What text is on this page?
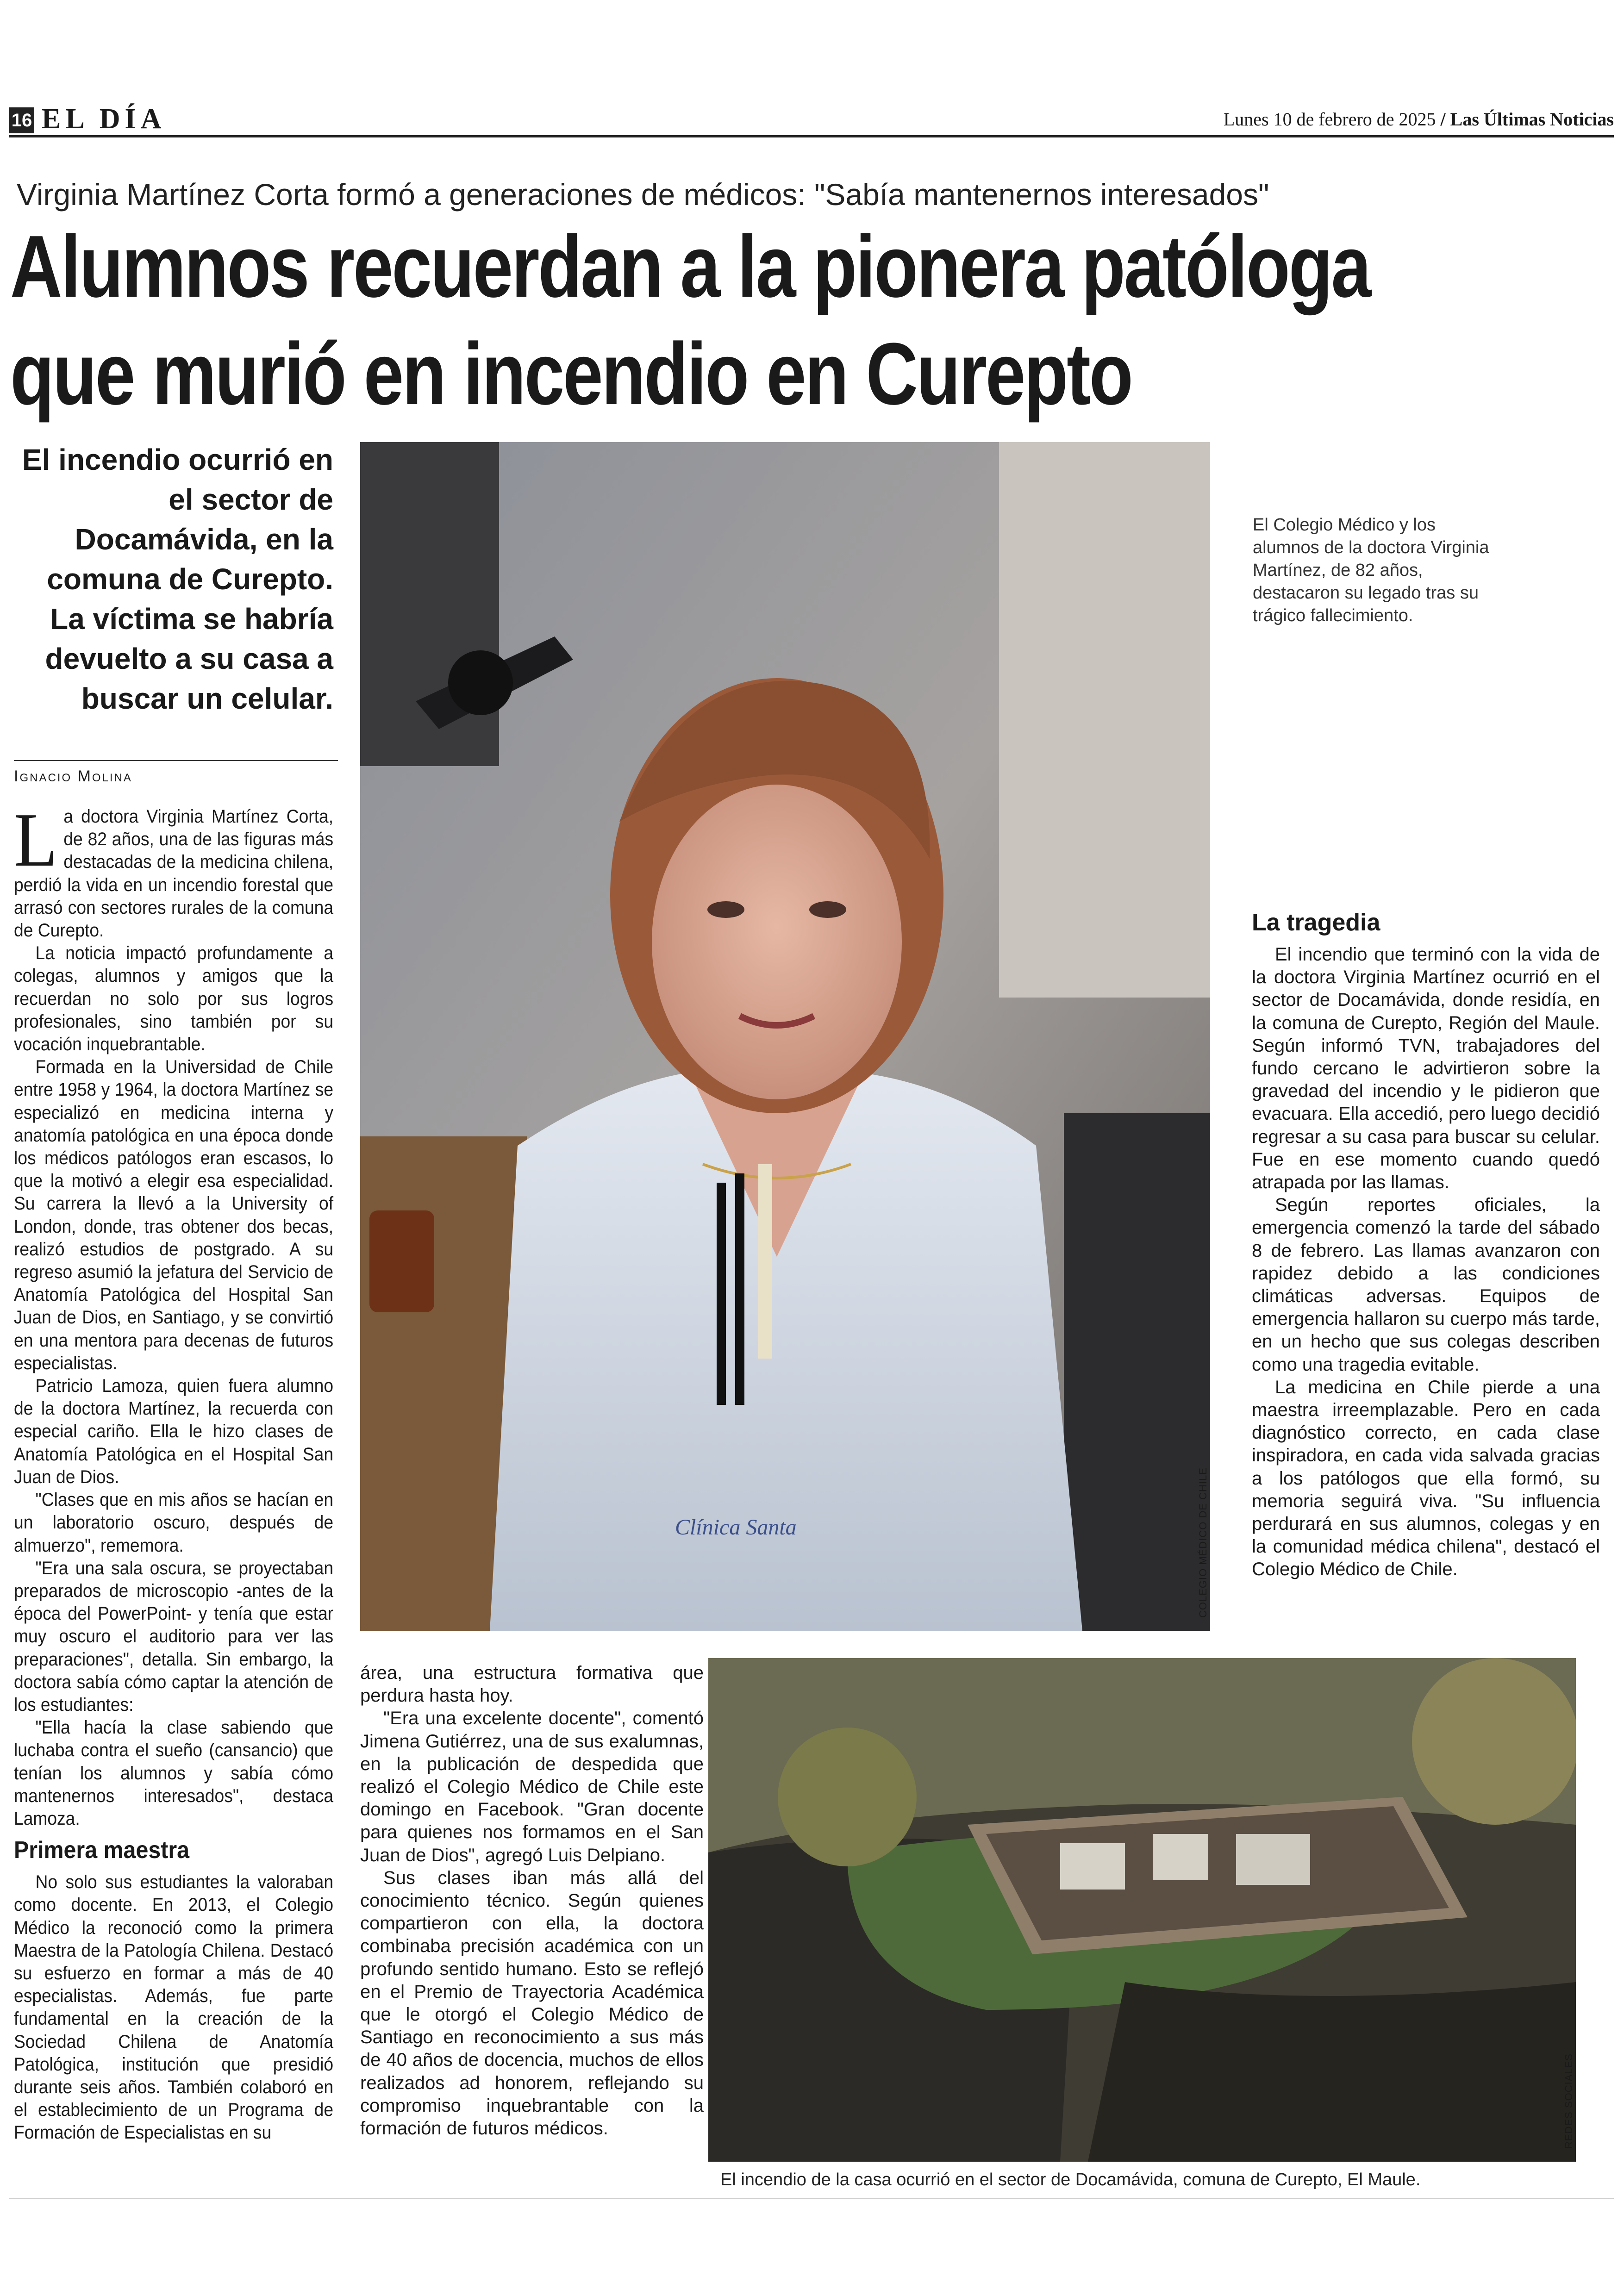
16 EL DÍA	Lunes 10 de febrero de 2025 / Las Últimas Noticias
Virginia Martínez Corta formó a generaciones de médicos: "Sabía mantenernos interesados"
Alumnos recuerdan a la pionera patóloga
que murió en incendio en Curepto
El incendio ocurrió en el sector de Docamávida, en la comuna de Curepto. La víctima se habría devuelto a su casa a buscar un celular.
Ignacio Molina

La doctora Virginia Martínez Corta, de 82 años, una de las figuras más destacadas de la medicina chilena, perdió la vida en un incendio forestal que arrasó con sectores rurales de la comuna de Curepto.

La noticia impactó profundamente a colegas, alumnos y amigos que la recuerdan no solo por sus logros profesionales, sino también por su vocación inquebrantable.

Formada en la Universidad de Chile entre 1958 y 1964, la doctora Martínez se especializó en medicina interna y anatomía patológica en una época donde los médicos patólogos eran escasos, lo que la motivó a elegir esa especialidad. Su carrera la llevó a la University of London, donde, tras obtener dos becas, realizó estudios de postgrado. A su regreso asumió la jefatura del Servicio de Anatomía Patológica del Hospital San Juan de Dios, en Santiago, y se convirtió en una mentora para decenas de futuros especialistas.

Patricio Lamoza, quien fuera alumno de la doctora Martínez, la recuerda con especial cariño. Ella le hizo clases de Anatomía Patológica en el Hospital San Juan de Dios.

"Clases que en mis años se hacían en un laboratorio oscuro, después de almuerzo", rememora.

"Era una sala oscura, se proyectaban preparados de microscopio -antes de la época del PowerPoint- y tenía que estar muy oscuro el auditorio para ver las preparaciones", detalla. Sin embargo, la doctora sabía cómo captar la atención de los estudiantes:

"Ella hacía la clase sabiendo que luchaba contra el sueño (cansancio) que tenían los alumnos y sabía cómo mantenernos interesados", destaca Lamoza.

Primera maestra

No solo sus estudiantes la valoraban como docente. En 2013, el Colegio Médico la reconoció como la primera Maestra de la Patología Chilena. Destacó su esfuerzo en formar a más de 40 especialistas. Además, fue parte fundamental en la creación de la Sociedad Chilena de Anatomía Patológica, institución que presidió durante seis años. También colaboró en el establecimiento de un Programa de Formación de Especialistas en su

Clínica Santa	COLEGIO MÉDICO DE CHILE
El Colegio Médico y los alumnos de la doctora Virginia Martínez, de 82 años, destacaron su legado tras su trágico fallecimiento.
La tragedia

El incendio que terminó con la vida de la doctora Virginia Martínez ocurrió en el sector de Docamávida, donde residía, en la comuna de Curepto, Región del Maule. Según informó TVN, trabajadores del fundo cercano le advirtieron sobre la gravedad del incendio y le pidieron que evacuara. Ella accedió, pero luego decidió regresar a su casa para buscar su celular. Fue en ese momento cuando quedó atrapada por las llamas.

Según reportes oficiales, la emergencia comenzó la tarde del sábado 8 de febrero. Las llamas avanzaron con rapidez debido a las condiciones climáticas adversas. Equipos de emergencia hallaron su cuerpo más tarde, en un hecho que sus colegas describen como una tragedia evitable.

La medicina en Chile pierde a una maestra irreemplazable. Pero en cada diagnóstico correcto, en cada clase inspiradora, en cada vida salvada gracias a los patólogos que ella formó, su memoria seguirá viva. "Su influencia perdurará en sus alumnos, colegas y en la comunidad médica chilena", destacó el Colegio Médico de Chile.

área, una estructura formativa que perdura hasta hoy.

"Era una excelente docente", comentó Jimena Gutiérrez, una de sus exalumnas, en la publicación de despedida que realizó el Colegio Médico de Chile este domingo en Facebook. "Gran docente para quienes nos formamos en el San Juan de Dios", agregó Luis Delpiano.

Sus clases iban más allá del conocimiento técnico. Según quienes compartieron con ella, la doctora combinaba precisión académica con un profundo sentido humano. Esto se reflejó en el Premio de Trayectoria Académica que le otorgó el Colegio Médico de Santiago en reconocimiento a sus más de 40 años de docencia, muchos de ellos realizados ad honorem, reflejando su compromiso inquebrantable con la formación de futuros médicos.	REDES SOCIALES
El incendio de la casa ocurrió en el sector de Docamávida, comuna de Curepto, El Maule.
